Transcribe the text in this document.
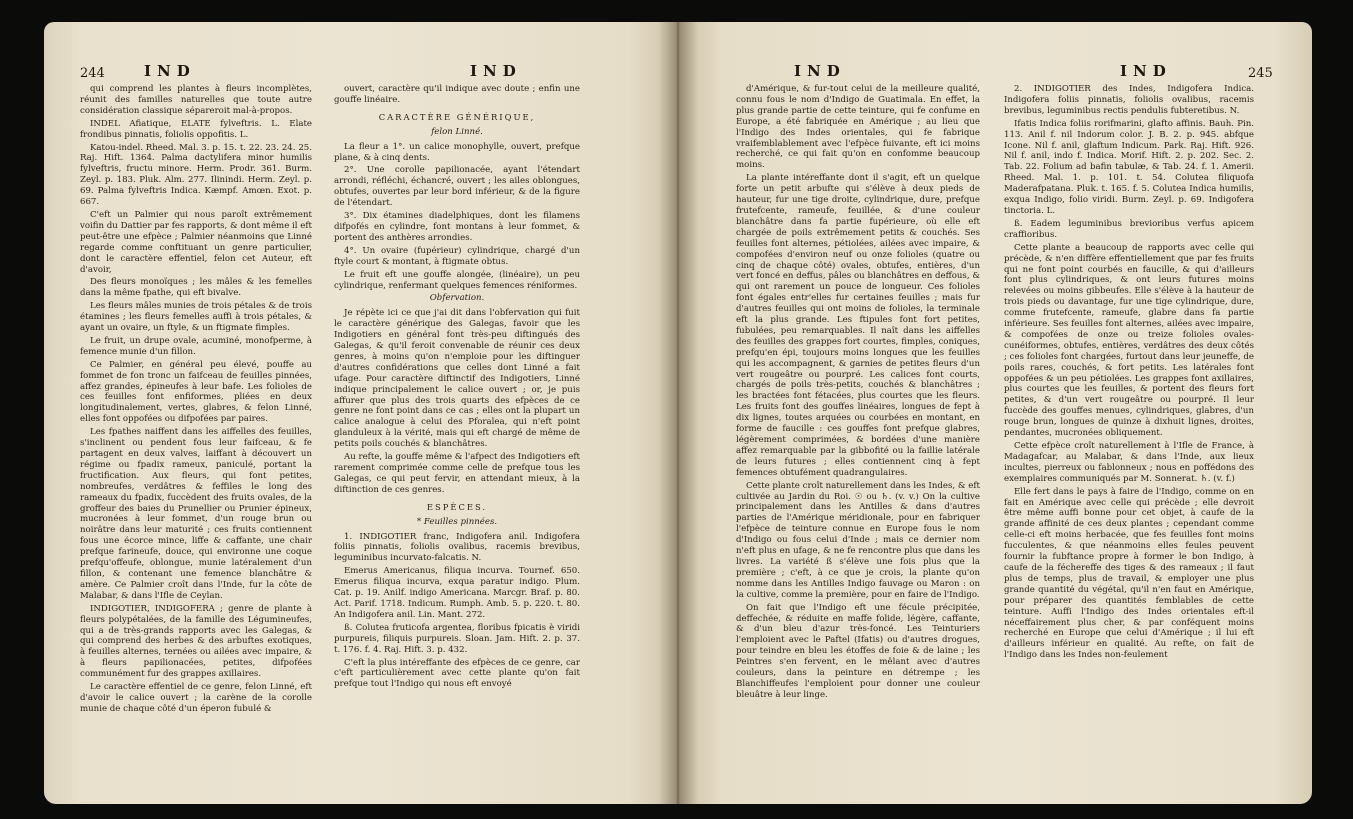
244	IND	IND

qui comprend les plantes à fleurs incomplètes, réunit des familles naturelles que toute autre considération classique sépareroit mal-à-propos.

INDEL Afiatique, ELATE fylveftris. L. Elate frondibus pinnatis, foliolis oppofitis. L.

Katou-indel. Rheed. Mal. 3. p. 15. t. 22. 23. 24. 25. Raj. Hift. 1364. Palma dactylifera minor humilis fylveftris, fructu minore. Herm. Prodr. 361. Burm. Zeyl. p. 183. Pluk. Alm. 277. Ilinindi. Herm. Zeyl. p. 69. Palma fylveftris Indica. Kæmpf. Amœn. Exot. p. 667.

C'eft un Palmier qui nous paroît extrêmement voifin du Dattier par fes rapports, & dont même il eft peut-être une efpèce ; Palmier néanmoins que Linné regarde comme conftituant un genre particulier, dont le caractère effentiel, felon cet Auteur, eft d'avoir,

Des fleurs monoïques ; les mâles & les femelles dans la même fpathe, qui eft bivalve.

Les fleurs mâles munies de trois pétales & de trois étamines ; les fleurs femelles auffi à trois pétales, & ayant un ovaire, un ftyle, & un ftigmate fimples.

Le fruit, un drupe ovale, acuminé, monofperme, à femence munie d'un fillon.

Ce Palmier, en général peu élevé, pouffe au fommet de fon tronc un faifceau de feuilles pinnées, affez grandes, épineufes à leur bafe. Les folioles de ces feuilles font enfiformes, pliées en deux longitudinalement, vertes, glabres, & felon Linné, elles font oppofées ou difpofées par paires.

Les fpathes naiffent dans les aiffelles des feuilles, s'inclinent ou pendent fous leur faifceau, & fe partagent en deux valves, laiffant à découvert un régime ou fpadix rameux, paniculé, portant la fructification. Aux fleurs, qui font petites, nombreufes, verdâtres & feffiles le long des rameaux du fpadix, fuccèdent des fruits ovales, de la groffeur des baies du Prunellier ou Prunier épineux, mucronées à leur fommet, d'un rouge brun ou noirâtre dans leur maturité ; ces fruits contiennent fous une écorce mince, liffe & caffante, une chair prefque farineufe, douce, qui environne une coque prefqu'offeufe, oblongue, munie latéralement d'un fillon, & contenant une femence blanchâtre & amère. Ce Palmier croît dans l'Inde, fur la côte de Malabar, & dans l'Ifle de Ceylan.

INDIGOTIER, INDIGOFERA ; genre de plante à fleurs polypétalées, de la famille des Légumineufes, qui a de très-grands rapports avec les Galegas, & qui comprend des herbes & des arbuftes exotiques, à feuilles alternes, ternées ou ailées avec impaire, & à fleurs papilionacées, petites, difpofées communément fur des grappes axillaires.

Le caractère effentiel de ce genre, felon Linné, eft d'avoir le calice ouvert ; la carène de la corolle munie de chaque côté d'un éperon fubulé &

ouvert, caractère qu'il indique avec doute ; enfin une gouffe linéaire.

CARACTÈRE GÉNÉRIQUE,

felon Linné.

La fleur a 1°. un calice monophylle, ouvert, prefque plane, & à cinq dents.

2°. Une corolle papilionacée, ayant l'étendart arrondi, réfléchi, échancré, ouvert ; les ailes oblongues, obtufes, ouvertes par leur bord inférieur, & de la figure de l'étendart.

3°. Dix étamines diadelphiques, dont les filamens difpofés en cylindre, font montans à leur fommet, & portent des anthères arrondies.

4°. Un ovaire (fupérieur) cylindrique, chargé d'un ftyle court & montant, à ftigmate obtus.

Le fruit eft une gouffe alongée, (linéaire), un peu cylindrique, renfermant quelques femences réniformes.

Obfervation.

Je répète ici ce que j'ai dit dans l'obfervation qui fuit le caractère générique des Galegas, favoir que les Indigotiers en général font très-peu diftingués des Galegas, & qu'il feroit convenable de réunir ces deux genres, à moins qu'on n'emploie pour les diftinguer d'autres confidérations que celles dont Linné a fait ufage. Pour caractère diftinctif des Indigotiers, Linné indique principalement le calice ouvert ; or, je puis affurer que plus des trois quarts des efpèces de ce genre ne font point dans ce cas ; elles ont la plupart un calice analogue à celui des Pforalea, qui n'eft point glanduleux à la vérité, mais qui eft chargé de même de petits poils couchés & blanchâtres.

Au refte, la gouffe même & l'afpect des Indigotiers eft rarement comprimée comme celle de prefque tous les Galegas, ce qui peut fervir, en attendant mieux, à la diftinction de ces genres.

ESPÈCES.

* Feuilles pinnées.

1. INDIGOTIER franc, Indigofera anil. Indigofera foliis pinnatis, foliolis ovalibus, racemis brevibus, leguminibus incurvato-falcatis. N.

Emerus Americanus, filiqua incurva. Tournef. 650. Emerus filiqua incurva, exqua paratur indigo. Plum. Cat. p. 19. Anilf. indigo Americana. Marcgr. Braf. p. 80. Act. Parif. 1718. Indicum. Rumph. Amb. 5. p. 220. t. 80. An Indigofera anil. Lin. Mant. 272.

ß. Colutea fruticofa argentea, floribus fpicatis è viridi purpureis, filiquis purpureis. Sloan. Jam. Hift. 2. p. 37. t. 176. f. 4. Raj. Hift. 3. p. 432.

C'eft la plus intéreffante des efpèces de ce genre, car c'eft particulièrement avec cette plante qu'on fait prefque tout l'Indigo qui nous eft envoyé

IND	IND	245

d'Amérique, & fur-tout celui de la meilleure qualité, connu fous le nom d'Indigo de Guatimala. En effet, la plus grande partie de cette teinture, qui fe confume en Europe, a été fabriquée en Amérique ; au lieu que l'Indigo des Indes orientales, qui fe fabrique vraifemblablement avec l'efpèce fuivante, eft ici moins recherché, ce qui fait qu'on en confomme beaucoup moins.

La plante intéreffante dont il s'agit, eft un quelque forte un petit arbufte qui s'élève à deux pieds de hauteur, fur une tige droite, cylindrique, dure, prefque frutefcente, rameufe, feuillée, & d'une couleur blanchâtre dans fa partie fupérieure, où elle eft chargée de poils extrêmement petits & couchés. Ses feuilles font alternes, pétiolées, ailées avec impaire, & compofées d'environ neuf ou onze folioles (quatre ou cinq de chaque côté) ovales, obtufes, entières, d'un vert foncé en deffus, pâles ou blanchâtres en deffous, & qui ont rarement un pouce de longueur. Ces folioles font égales entr'elles fur certaines feuilles ; mais fur d'autres feuilles qui ont moins de folioles, la terminale eft la plus grande. Les ftipules font fort petites, fubulées, peu remarquables. Il naît dans les aiffelles des feuilles des grappes fort courtes, fimples, coniques, prefqu'en épi, toujours moins longues que les feuilles qui les accompagnent, & garnies de petites fleurs d'un vert rougeâtre ou pourpré. Les calices font courts, chargés de poils très-petits, couchés & blanchâtres ; les bractées font fétacées, plus courtes que les fleurs. Les fruits font des gouffes linéaires, longues de fept à dix lignes, toutes arquées ou courbées en montant, en forme de faucille : ces gouffes font prefque glabres, légèrement comprimées, & bordées d'une manière affez remarquable par la gibbofité ou la faillie latérale de leurs futures ; elles contiennent cinq à fept femences obtufément quadrangulaires.

Cette plante croît naturellement dans les Indes, & eft cultivée au Jardin du Roi. ☉ ou ♄. (v. v.) On la cultive principalement dans les Antilles & dans d'autres parties de l'Amérique méridionale, pour en fabriquer l'efpèce de teinture connue en Europe fous le nom d'Indigo ou fous celui d'Inde ; mais ce dernier nom n'eft plus en ufage, & ne fe rencontre plus que dans les livres. La variété ß s'élève une fois plus que la première ; c'eft, à ce que je crois, la plante qu'on nomme dans les Antilles Indigo fauvage ou Maron : on la cultive, comme la première, pour en faire de l'Indigo.

On fait que l'Indigo eft une fécule précipitée, deffechée, & réduite en maffe folide, légère, caffante, & d'un bleu d'azur très-foncé. Les Teinturiers l'emploient avec le Paftel (Ifatis) ou d'autres drogues, pour teindre en bleu les étoffes de foie & de laine ; les Peintres s'en fervent, en le mêlant avec d'autres couleurs, dans la peinture en détrempe ; les Blanchiffeufes l'emploient pour donner une couleur bleuâtre à leur linge.

2. INDIGOTIER des Indes, Indigofera Indica. Indigofera foliis pinnatis, foliolis ovalibus, racemis brevibus, leguminibus rectis pendulis fubteretibus. N.

Ifatis Indica foliis rorifmarini, glafto affinis. Bauh. Pin. 113. Anil f. nil Indorum color. J. B. 2. p. 945. abfque Icone. Nil f. anil, glaftum Indicum. Park. Raj. Hift. 926. Nil f. anil, indo f. Indica. Morif. Hift. 2. p. 202. Sec. 2. Tab. 22. Folium ad bafin tabulæ, & Tab. 24. f. 1. Amerii. Rheed. Mal. 1. p. 101. t. 54. Colutea filiquofa Maderafpatana. Pluk. t. 165. f. 5. Colutea Indica humilis, exqua Indigo, folio viridi. Burm. Zeyl. p. 69. Indigofera tinctoria. L.

ß. Eadem leguminibus brevioribus verfus apicem craffioribus.

Cette plante a beaucoup de rapports avec celle qui précède, & n'en diffère effentiellement que par fes fruits qui ne font point courbés en faucille, & qui d'ailleurs font plus cylindriques, & ont leurs futures moins relevées ou moins gibbeufes. Elle s'élève à la hauteur de trois pieds ou davantage, fur une tige cylindrique, dure, comme frutefcente, rameufe, glabre dans fa partie inférieure. Ses feuilles font alternes, ailées avec impaire, & compofées de onze ou treize folioles ovales-cunéiformes, obtufes, entières, verdâtres des deux côtés ; ces folioles font chargées, furtout dans leur jeuneffe, de poils rares, couchés, & fort petits. Les latérales font oppofées & un peu pétiolées. Les grappes font axillaires, plus courtes que les feuilles, & portent des fleurs fort petites, & d'un vert rougeâtre ou pourpré. Il leur fuccède des gouffes menues, cylindriques, glabres, d'un rouge brun, longues de quinze à dixhuit lignes, droites, pendantes, mucronées obliquement.

Cette efpèce croît naturellement à l'Ifle de France, à Madagafcar, au Malabar, & dans l'Inde, aux lieux incultes, pierreux ou fablonneux ; nous en poffédons des exemplaires communiqués par M. Sonnerat. ♄. (v. f.)

Elle fert dans le pays à faire de l'Indigo, comme on en fait en Amérique avec celle qui précède ; elle devroit être même auffi bonne pour cet objet, à caufe de la grande affinité de ces deux plantes ; cependant comme celle-ci eft moins herbacée, que fes feuilles font moins fucculentes, & que néanmoins elles feules peuvent fournir la fubftance propre à former le bon Indigo, à caufe de la féchereffe des tiges & des rameaux ; il faut plus de temps, plus de travail, & employer une plus grande quantité du végétal, qu'il n'en faut en Amérique, pour préparer des quantités femblables de cette teinture. Auffi l'Indigo des Indes orientales eft-il néceffairement plus cher, & par conféquent moins recherché en Europe que celui d'Amérique ; il lui eft d'ailleurs inférieur en qualité. Au refte, on fait de l'Indigo dans les Indes non-feulement
